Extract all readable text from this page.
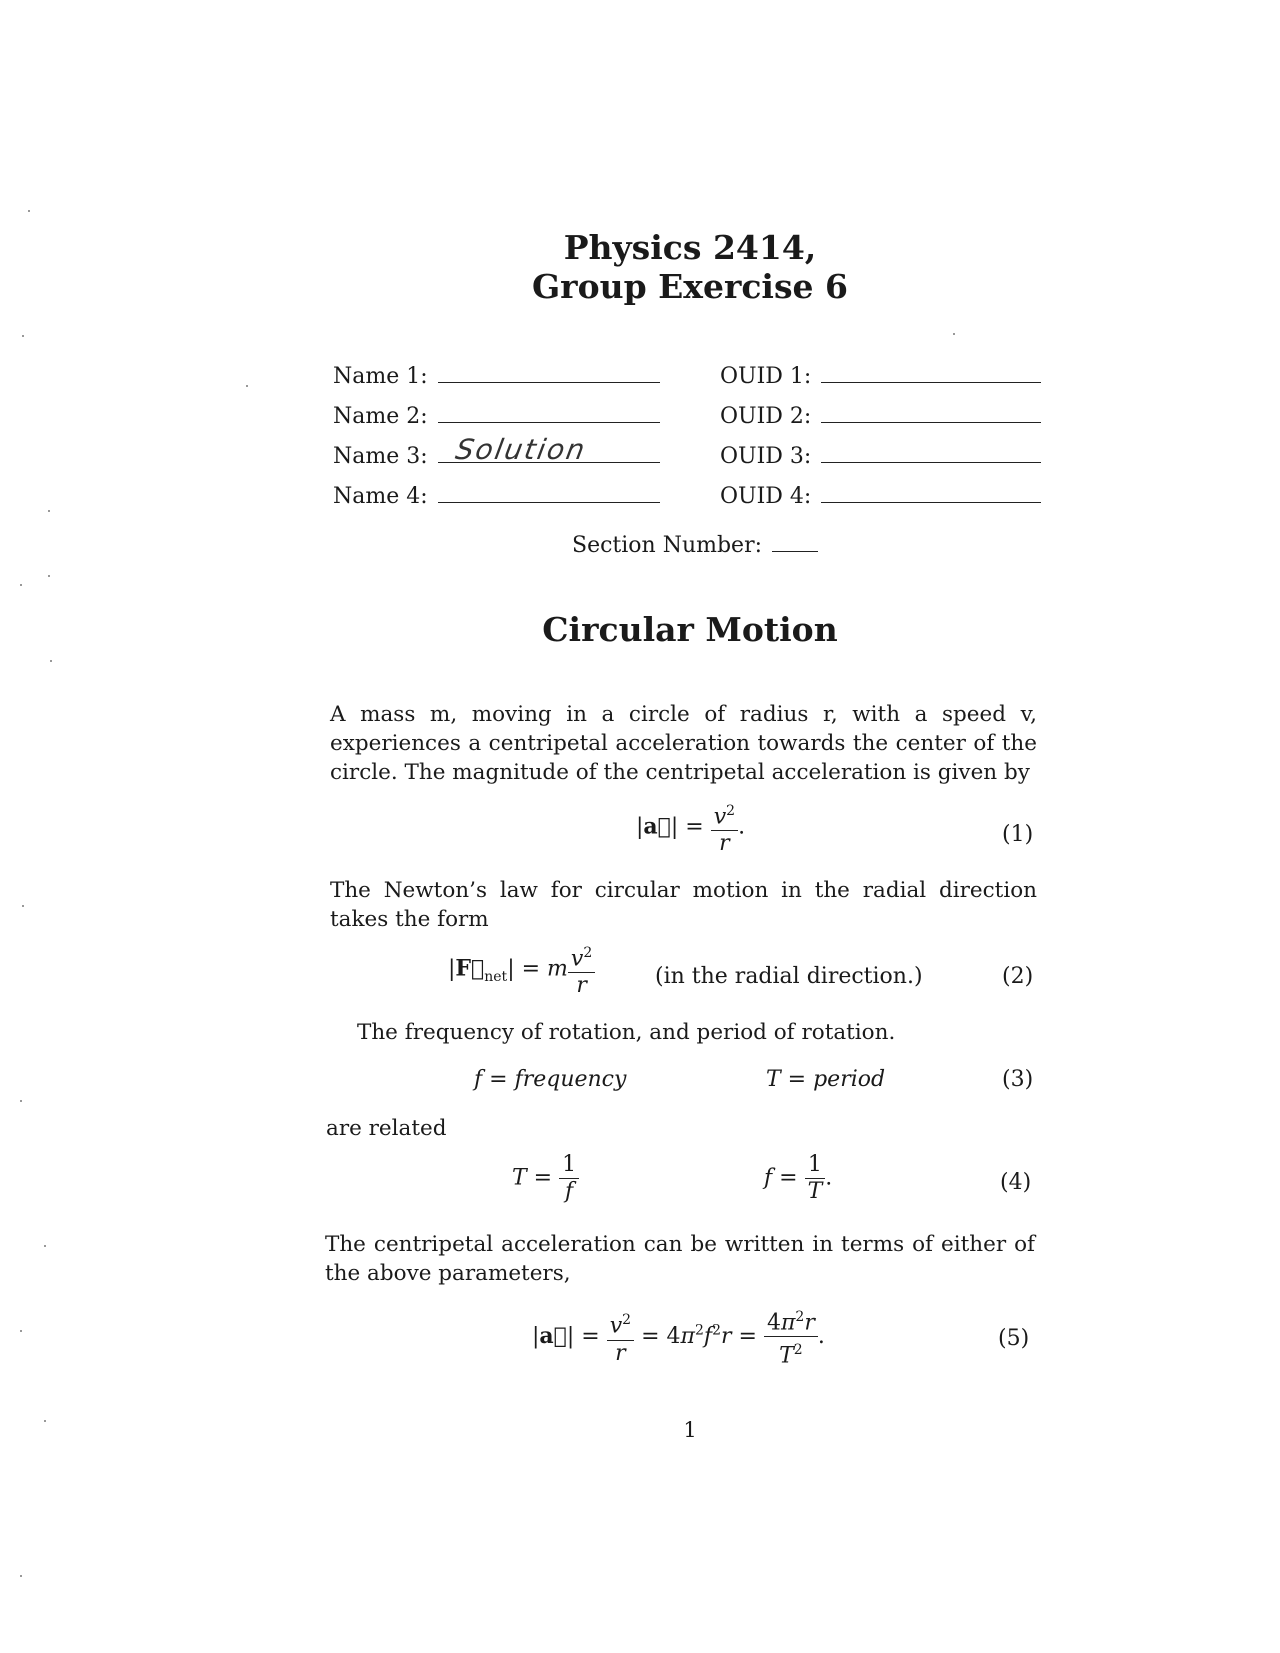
Physics 2414,
Group Exercise 6
Name 1:
Name 2:
Name 3: Solution
Name 4:
OUID 1:
OUID 2:
OUID 3:
OUID 4:
Section Number:
Circular Motion
A mass m, moving in a circle of radius r, with a speed v, experiences a centripetal acceleration towards the center of the circle. The magnitude of the centripetal acceleration is given by
|a⃗| = $\frac{v^2}{r}$ .	(1)
The Newton’s law for circular motion in the radial direction takes the form
$|F⃗_{net}| = m \frac{v^2}{r}$	(in the radial direction.)	(2)
The frequency of rotation, and period of rotation.
f = frequency	T = period	(3)
are related
$T = \frac{1}{f}$	$f = \frac{1}{T}$ .	(4)
The centripetal acceleration can be written in terms of either of the above parameters,
|a⃗| = $\frac{v^2}{r} = 4\pi^2f^2r = \frac{4\pi^2r}{T^2}$ .	(5)
1
